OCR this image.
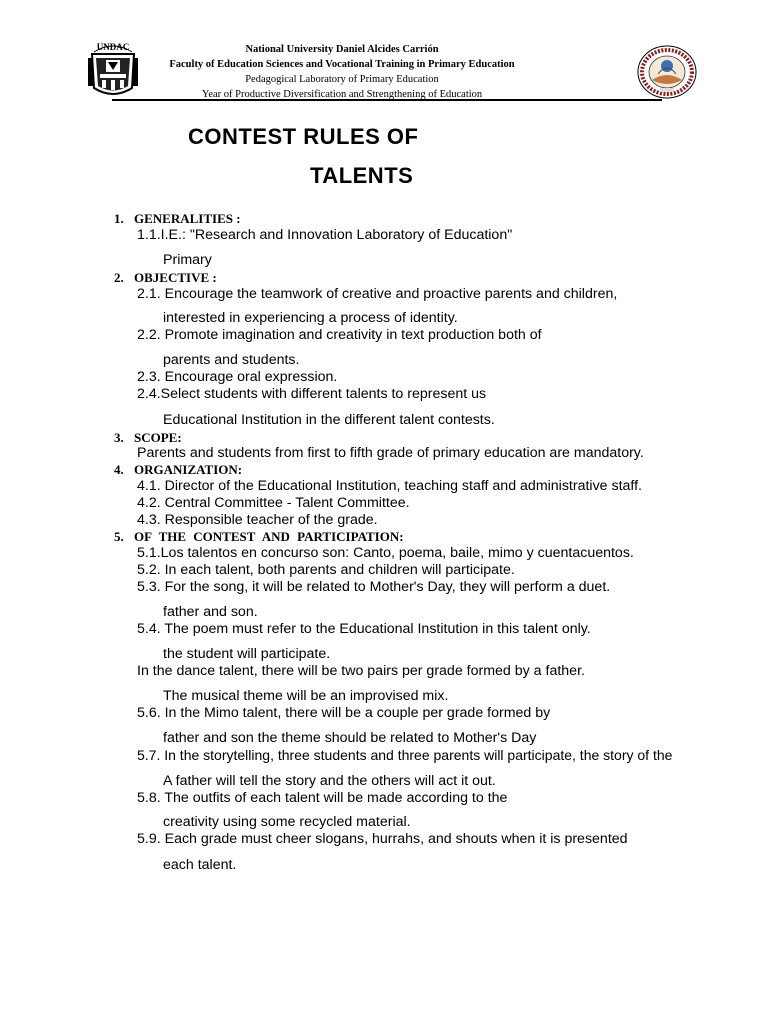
UNDAC	National University Daniel Alcides Carrión
Faculty of Education Sciences and Vocational Training in Primary Education
Pedagogical Laboratory of Primary Education
Year of Productive Diversification and Strengthening of Education
CONTEST RULES OF
TALENTS
1. GENERALITIES :
1.1.I.E.: "Research and Innovation Laboratory of Education"
Primary
2. OBJECTIVE :
2.1. Encourage the teamwork of creative and proactive parents and children,
interested in experiencing a process of identity.
2.2. Promote imagination and creativity in text production both of
parents and students.
2.3. Encourage oral expression.
2.4.Select students with different talents to represent us
Educational Institution in the different talent contests.
3. SCOPE:
Parents and students from first to fifth grade of primary education are mandatory.
4. ORGANIZATION:
4.1. Director of the Educational Institution, teaching staff and administrative staff.
4.2. Central Committee - Talent Committee.
4.3. Responsible teacher of the grade.
5. OF THE CONTEST AND PARTICIPATION:
5.1.Los talentos en concurso son: Canto, poema, baile, mimo y cuentacuentos.
5.2. In each talent, both parents and children will participate.
5.3. For the song, it will be related to Mother's Day, they will perform a duet.
father and son.
5.4. The poem must refer to the Educational Institution in this talent only.
the student will participate.
In the dance talent, there will be two pairs per grade formed by a father.
The musical theme will be an improvised mix.
5.6. In the Mimo talent, there will be a couple per grade formed by
father and son the theme should be related to Mother's Day
5.7. In the storytelling, three students and three parents will participate, the story of the
A father will tell the story and the others will act it out.
5.8. The outfits of each talent will be made according to the
creativity using some recycled material.
5.9. Each grade must cheer slogans, hurrahs, and shouts when it is presented
each talent.
